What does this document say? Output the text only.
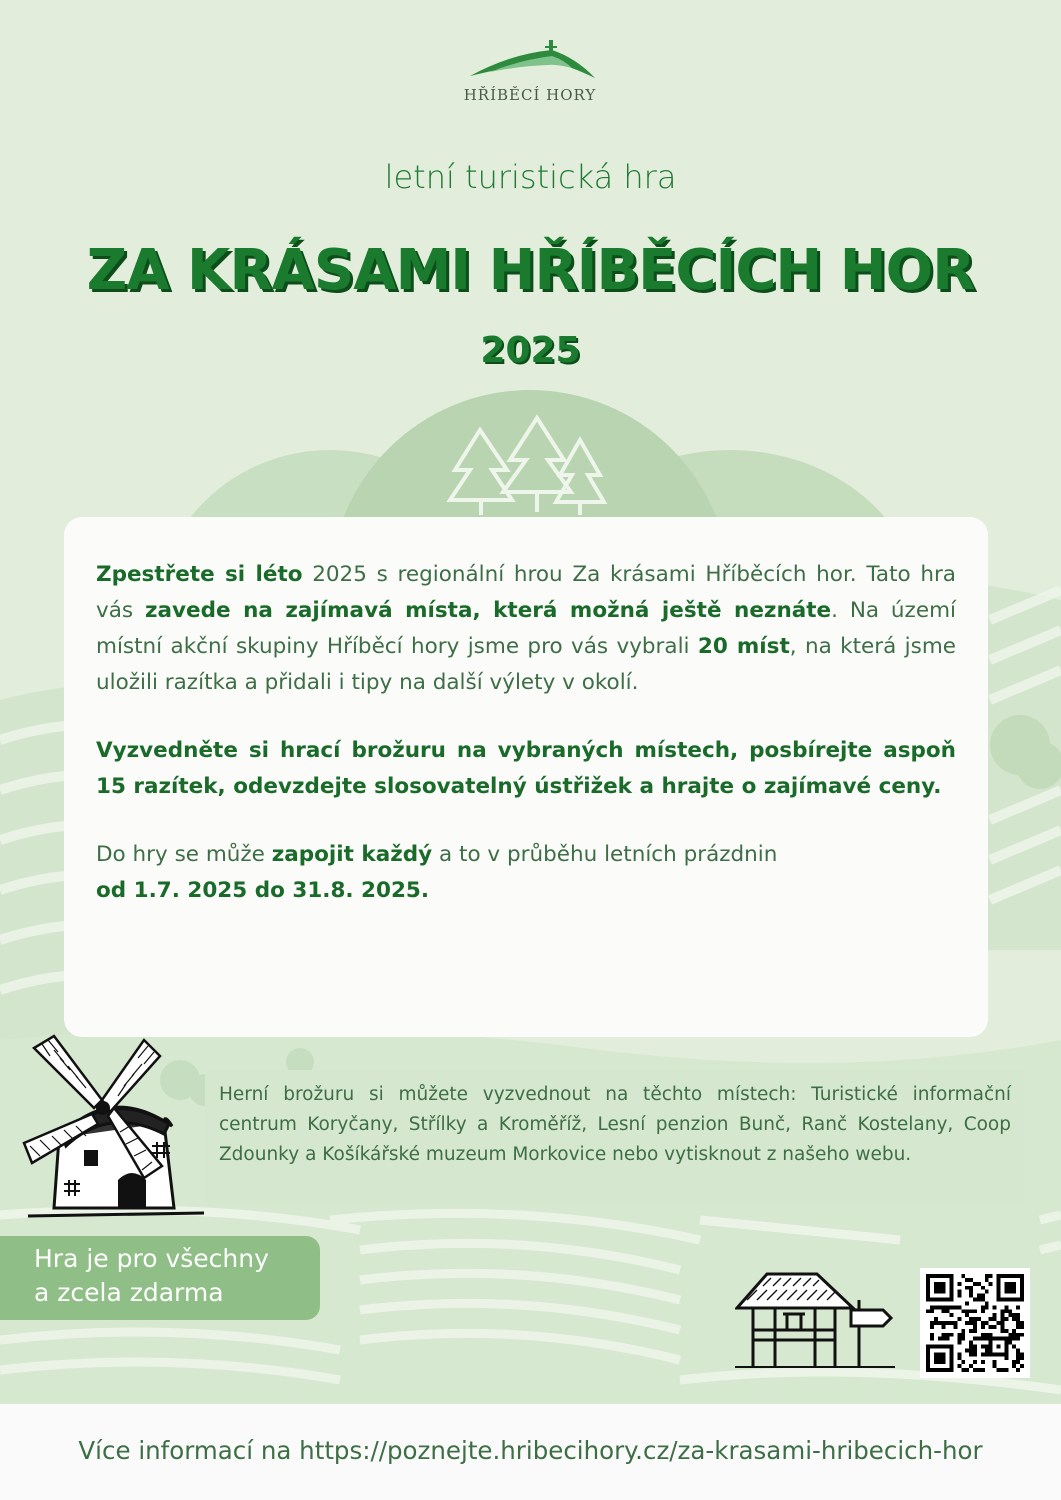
HŘÍBĚCÍ HORY
letní turistická hra
ZA KRÁSAMI HŘÍBĚCÍCH HOR
2025

Zpestřete si léto 2025 s regionální hrou Za krásami Hříběcích hor. Tato hra vás zavede na zajímavá místa, která možná ještě neznáte. Na území místní akční skupiny Hříběcí hory jsme pro vás vybrali 20 míst, na která jsme uložili razítka a přidali i tipy na další výlety v okolí.

Vyzvedněte si hrací brožuru na vybraných místech, posbírejte aspoň 15 razítek, odevzdejte slosovatelný ústřižek a hrajte o zajímavé ceny.

Do hry se může zapojit každý a to v průběhu letních prázdnin
od 1.7. 2025 do 31.8. 2025.

Herní brožuru si můžete vyzvednout na těchto místech: Turistické informační centrum Koryčany, Střílky a Kroměříž, Lesní penzion Bunč, Ranč Kostelany, Coop Zdounky a Košíkářské muzeum Morkovice nebo vytisknout z našeho webu.

Hra je pro všechny
a zcela zdarma
Více informací na https://poznejte.hribecihory.cz/za-krasami-hribecich-hor
